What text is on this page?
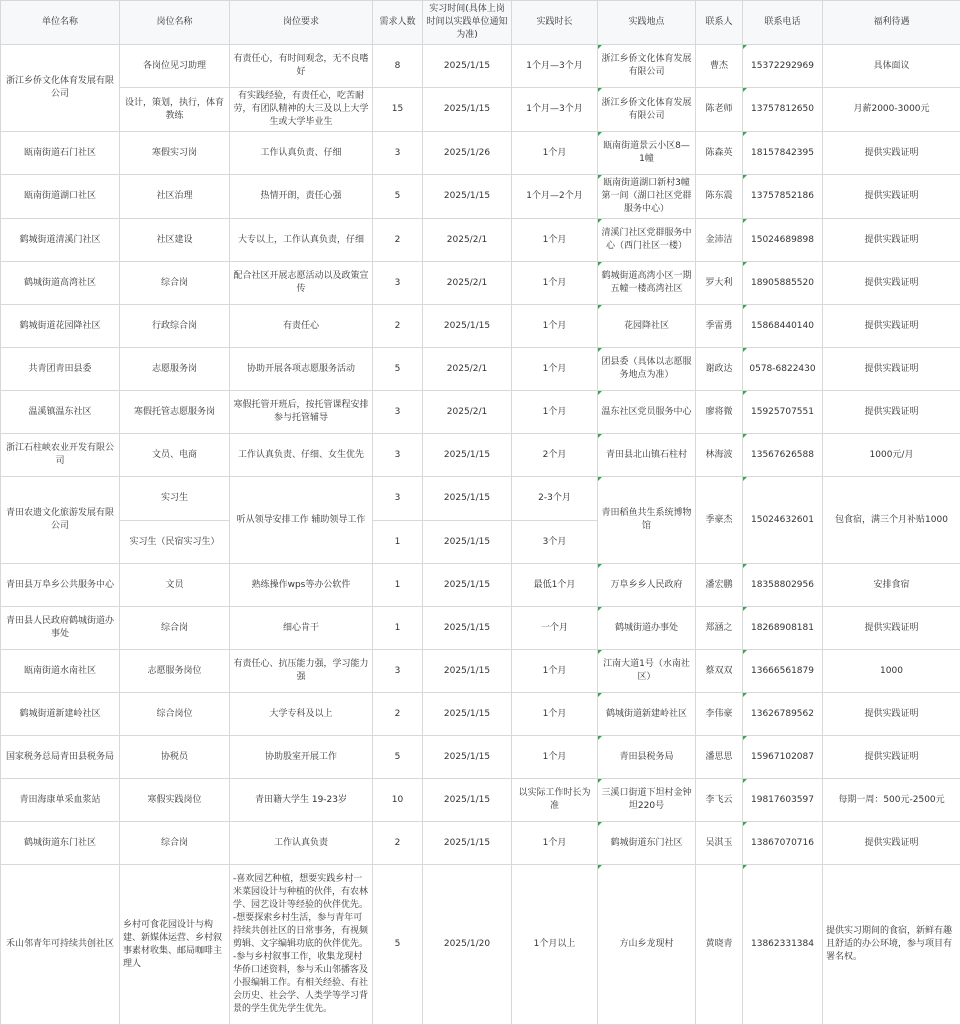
单位名称	岗位名称	岗位要求	需求人数	实习时间(具体上岗时间以实践单位通知为准)	实践时长	实践地点	联系人	联系电话	福利待遇
浙江乡侨文化体育发展有限公司	各岗位见习助理	有责任心，有时间观念，无不良嗜好	8	2025/1/15	1个月—3个月	浙江乡侨文化体育发展有限公司	曹杰	15372292969	具体面议
	设计，策划，执行，体育教练	有实践经验，有责任心，吃苦耐劳，有团队精神的大三及以上大学生或大学毕业生	15	2025/1/15	1个月—3个月	浙江乡侨文化体育发展有限公司	陈老师	13757812650	月薪2000-3000元
瓯南街道石门社区	寒假实习岗	工作认真负责、仔细	3	2025/1/26	1个月	瓯南街道景云小区8—1幢	陈森英	18157842395	提供实践证明
瓯南街道湖口社区	社区治理	热情开朗，责任心强	5	2025/1/15	1个月—2个月	瓯南街道湖口新村3幢第一间（湖口社区党群服务中心）	陈东震	13757852186	提供实践证明
鹤城街道清溪门社区	社区建设	大专以上，工作认真负责，仔细	2	2025/2/1	1个月	清溪门社区党群服务中心（西门社区一楼）	金沛洁	15024689898	提供实践证明
鹤城街道高湾社区	综合岗	配合社区开展志愿活动以及政策宣传	3	2025/2/1	1个月	鹤城街道高湾小区一期五幢一楼高湾社区	罗大利	18905885520	提供实践证明
鹤城街道花园降社区	行政综合岗	有责任心	2	2025/1/15	1个月	花园降社区	季雷勇	15868440140	提供实践证明
共青团青田县委	志愿服务岗	协助开展各项志愿服务活动	5	2025/2/1	1个月	团县委（具体以志愿服务地点为准）	谢政达	0578-6822430	提供实践证明
温溪镇温东社区	寒假托管志愿服务岗	寒假托管开班后，按托管课程安排参与托管辅导	3	2025/2/1	1个月	温东社区党员服务中心	廖将微	15925707551	提供实践证明
浙江石柱峡农业开发有限公司	文员、电商	工作认真负责、仔细、女生优先	3	2025/1/15	2个月	青田县北山镇石柱村	林海波	13567626588	1000元/月
青田农遗文化旅游发展有限公司	实习生	听从领导安排工作 辅助领导工作	3	2025/1/15	2-3个月	青田稻鱼共生系统博物馆	季豪杰	15024632601	包食宿，满三个月补贴1000
	实习生（民宿实习生）		1	2025/1/15	3个月				
青田县万阜乡公共服务中心	文员	熟练操作wps等办公软件	1	2025/1/15	最低1个月	万阜乡乡人民政府	潘宏鹏	18358802956	安排食宿
青田县人民政府鹤城街道办事处	综合岗	细心肯干	1	2025/1/15	一个月	鹤城街道办事处	郑涵之	18268908181	提供实践证明
瓯南街道水南社区	志愿服务岗位	有责任心、抗压能力强，学习能力强	3	2025/1/15	1个月	江南大道1号（水南社区）	蔡双双	13666561879	1000
鹤城街道新建岭社区	综合岗位	大学专科及以上	2	2025/1/15	1个月	鹤城街道新建岭社区	李伟豪	13626789562	提供实践证明
国家税务总局青田县税务局	协税员	协助股室开展工作	5	2025/1/15	1个月	青田县税务局	潘思思	15967102087	提供实践证明
青田海康单采血浆站	寒假实践岗位	青田籍大学生 19-23岁	10	2025/1/15	以实际工作时长为准	三溪口街道下坦村金钟坦220号	李飞云	19817603597	每期一周：500元-2500元
鹤城街道东门社区	综合岗	工作认真负责	2	2025/1/15	1个月	鹤城街道东门社区	吴淇玉	13867070716	提供实践证明
禾山邻青年可持续共创社区	乡村可食花园设计与构建、新媒体运营、乡村叙事素材收集、邮局咖啡主理人	-喜欢园艺种植，想要实践乡村一米菜园设计与种植的伙伴，有农林学、园艺设计等经验的伙伴优先。-想要探索乡村生活，参与青年可持续共创社区的日常事务，有视频剪辑、文字编辑功底的伙伴优先。-参与乡村叙事工作，收集龙现村华侨口述资料，参与禾山邻播客及小报编辑工作。有相关经验、有社会历史、社会学、人类学等学习背景的学生优先学生优先。	5	2025/1/20	1个月以上	方山乡龙现村	黄晓青	13862331384	提供实习期间的食宿，新鲜有趣且舒适的办公环境，参与项目有署名权。
